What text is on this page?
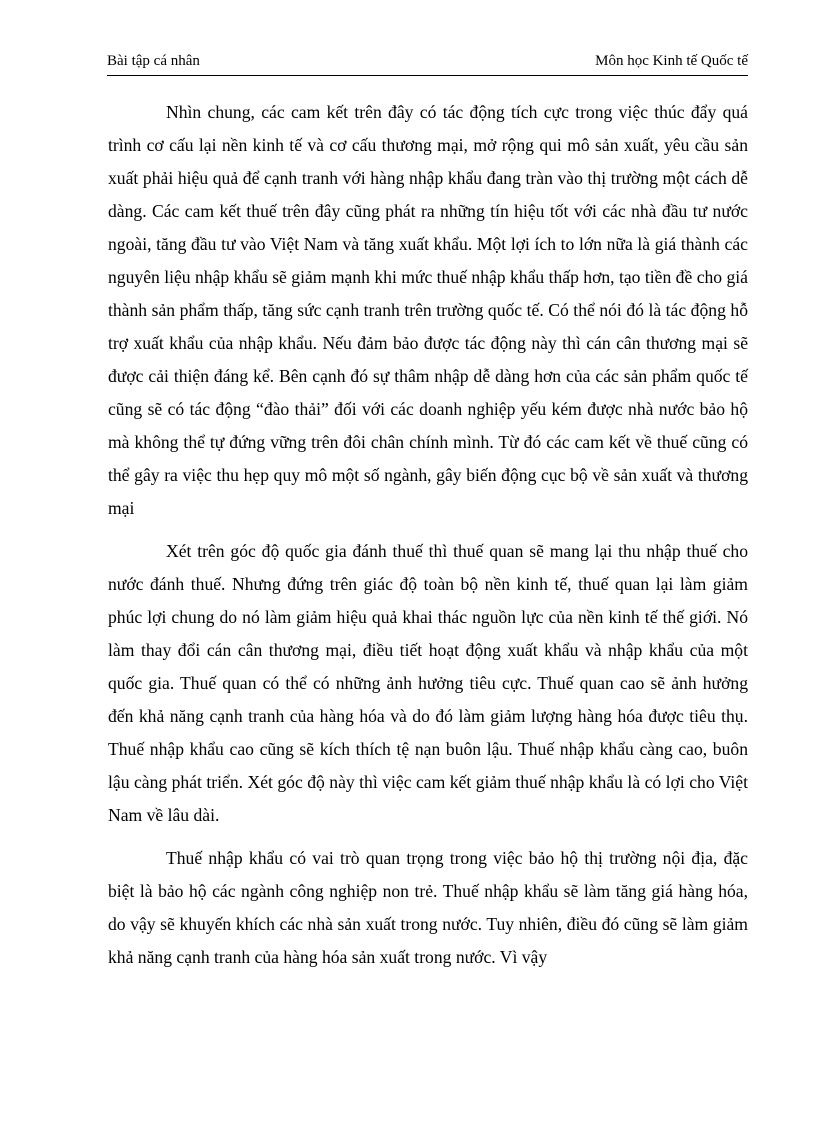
Bài tập cá nhân	Môn học Kinh tế Quốc tế

Nhìn chung, các cam kết trên đây có tác động tích cực trong việc thúc đẩy quá trình cơ cấu lại nền kinh tế và cơ cấu thương mại, mở rộng qui mô sản xuất, yêu cầu sản xuất phải hiệu quả để cạnh tranh với hàng nhập khẩu đang tràn vào thị trường một cách dễ dàng. Các cam kết thuế trên đây cũng phát ra những tín hiệu tốt với các nhà đầu tư nước ngoài, tăng đầu tư vào Việt Nam và tăng xuất khẩu. Một lợi ích to lớn nữa là giá thành các nguyên liệu nhập khẩu sẽ giảm mạnh khi mức thuế nhập khẩu thấp hơn, tạo tiền đề cho giá thành sản phẩm thấp, tăng sức cạnh tranh trên trường quốc tế. Có thể nói đó là tác động hỗ trợ xuất khẩu của nhập khẩu. Nếu đảm bảo được tác động này thì cán cân thương mại sẽ được cải thiện đáng kể. Bên cạnh đó sự thâm nhập dễ dàng hơn của các sản phẩm quốc tế cũng sẽ có tác động “đào thải” đối với các doanh nghiệp yếu kém được nhà nước bảo hộ mà không thể tự đứng vững trên đôi chân chính mình. Từ đó các cam kết về thuế cũng có thể gây ra việc thu hẹp quy mô một số ngành, gây biến động cục bộ về sản xuất và thương mại

Xét trên góc độ quốc gia đánh thuế thì thuế quan sẽ mang lại thu nhập thuế cho nước đánh thuế. Nhưng đứng trên giác độ toàn bộ nền kinh tế, thuế quan lại làm giảm phúc lợi chung do nó làm giảm hiệu quả khai thác nguồn lực của nền kinh tế thế giới. Nó làm thay đổi cán cân thương mại, điều tiết hoạt động xuất khẩu và nhập khẩu của một quốc gia. Thuế quan có thể có những ảnh hưởng tiêu cực. Thuế quan cao sẽ ảnh hưởng đến khả năng cạnh tranh của hàng hóa và do đó làm giảm lượng hàng hóa được tiêu thụ. Thuế nhập khẩu cao cũng sẽ kích thích tệ nạn buôn lậu. Thuế nhập khẩu càng cao, buôn lậu càng phát triển. Xét góc độ này thì việc cam kết giảm thuế nhập khẩu là có lợi cho Việt Nam về lâu dài.

Thuế nhập khẩu có vai trò quan trọng trong việc bảo hộ thị trường nội địa, đặc biệt là bảo hộ các ngành công nghiệp non trẻ. Thuế nhập khẩu sẽ làm tăng giá hàng hóa, do vậy sẽ khuyến khích các nhà sản xuất trong nước. Tuy nhiên, điều đó cũng sẽ làm giảm khả năng cạnh tranh của hàng hóa sản xuất trong nước. Vì vậy
